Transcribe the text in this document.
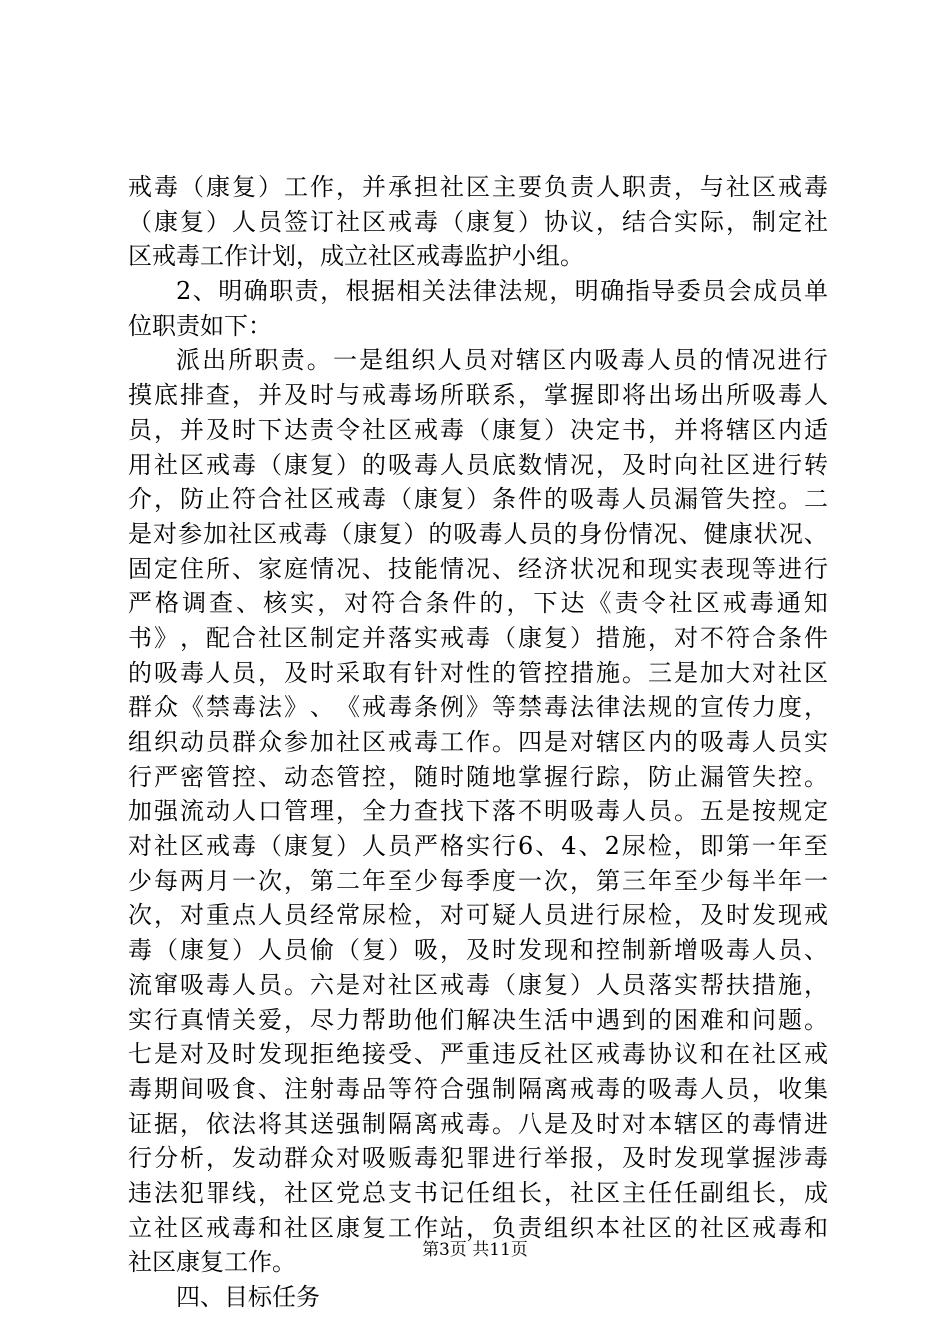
戒 毒 （ 康 复 ） 工 作 ， 并 承 担 社 区 主 要 负 责 人 职 责 ， 与 社 区 戒 毒
（ 康 复 ） 人 员 签 订 社 区 戒 毒 （ 康 复 ） 协 议 ， 结 合 实 际 ， 制 定 社
区戒毒工作计划，成立社区戒毒监护小组。
2 、 明 确 职 责 ， 根 据 相 关 法 律 法 规 ， 明 确 指 导 委 员 会 成 员 单
位职责如下：
派 出 所 职 责 。 一 是 组 织 人 员 对 辖 区 内 吸 毒 人 员 的 情 况 进 行
摸 底 排 查 ， 并 及 时 与 戒 毒 场 所 联 系 ， 掌 握 即 将 出 场 出 所 吸 毒 人
员 ， 并 及 时 下 达 责 令 社 区 戒 毒 （ 康 复 ） 决 定 书 ， 并 将 辖 区 内 适
用 社 区 戒 毒 （ 康 复 ） 的 吸 毒 人 员 底 数 情 况 ， 及 时 向 社 区 进 行 转
介 ， 防 止 符 合 社 区 戒 毒 （ 康 复 ） 条 件 的 吸 毒 人 员 漏 管 失 控 。 二
是 对 参 加 社 区 戒 毒 （ 康 复 ） 的 吸 毒 人 员 的 身 份 情 况 、 健 康 状 况 、
固 定 住 所 、 家 庭 情 况 、 技 能 情 况 、 经 济 状 况 和 现 实 表 现 等 进 行
严 格 调 查 、 核 实 ， 对 符 合 条 件 的 ， 下 达 《 责 令 社 区 戒 毒 通 知
书 》 ， 配 合 社 区 制 定 并 落 实 戒 毒 （ 康 复 ） 措 施 ， 对 不 符 合 条 件
的 吸 毒 人 员 ， 及 时 采 取 有 针 对 性 的 管 控 措 施 。 三 是 加 大 对 社 区
群 众 《 禁 毒 法 》 、 《 戒 毒 条 例 》 等 禁 毒 法 律 法 规 的 宣 传 力 度 ，
组 织 动 员 群 众 参 加 社 区 戒 毒 工 作 。 四 是 对 辖 区 内 的 吸 毒 人 员 实
行 严 密 管 控 、 动 态 管 控 ， 随 时 随 地 掌 握 行 踪 ， 防 止 漏 管 失 控 。
加 强 流 动 人 口 管 理 ， 全 力 查 找 下 落 不 明 吸 毒 人 员 。 五 是 按 规 定
对 社 区 戒 毒 （ 康 复 ） 人 员 严 格 实 行 6 、 4 、 2 尿 检 ， 即 第 一 年 至
少 每 两 月 一 次 ， 第 二 年 至 少 每 季 度 一 次 ， 第 三 年 至 少 每 半 年 一
次 ， 对 重 点 人 员 经 常 尿 检 ， 对 可 疑 人 员 进 行 尿 检 ， 及 时 发 现 戒
毒 （ 康 复 ） 人 员 偷 （ 复 ） 吸 ， 及 时 发 现 和 控 制 新 增 吸 毒 人 员 、
流 窜 吸 毒 人 员 。 六 是 对 社 区 戒 毒 （ 康 复 ） 人 员 落 实 帮 扶 措 施 ，
实 行 真 情 关 爱 ， 尽 力 帮 助 他 们 解 决 生 活 中 遇 到 的 困 难 和 问 题 。
七 是 对 及 时 发 现 拒 绝 接 受 、 严 重 违 反 社 区 戒 毒 协 议 和 在 社 区 戒
毒 期 间 吸 食 、 注 射 毒 品 等 符 合 强 制 隔 离 戒 毒 的 吸 毒 人 员 ， 收 集
证 据 ， 依 法 将 其 送 强 制 隔 离 戒 毒 。 八 是 及 时 对 本 辖 区 的 毒 情 进
行 分 析 ， 发 动 群 众 对 吸 贩 毒 犯 罪 进 行 举 报 ， 及 时 发 现 掌 握 涉 毒
违 法 犯 罪 线 ， 社 区 党 总 支 书 记 任 组 长 ， 社 区 主 任 任 副 组 长 ， 成
立 社 区 戒 毒 和 社 区 康 复 工 作 站 ， 负 责 组 织 本 社 区 的 社 区 戒 毒 和
社区康复工作。
四、目标任务
第3页 共11页
